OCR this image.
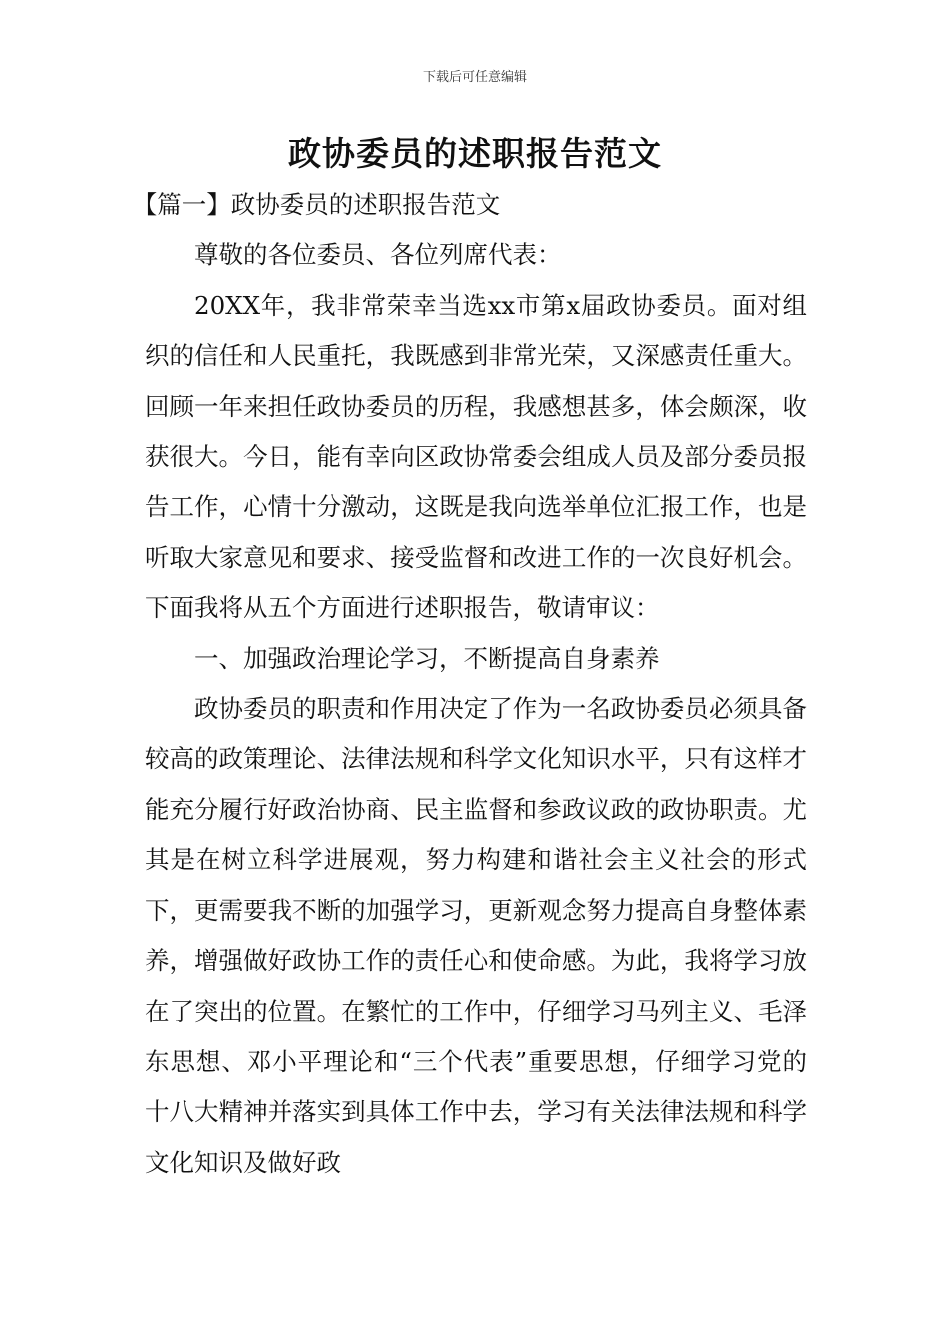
下载后可任意编辑
政协委员的述职报告范文

【篇一】政协委员的述职报告范文

尊敬的各位委员、各位列席代表：

20XX年，我非常荣幸当选xx市第x届政协委员。面对组织的信任和人民重托，我既感到非常光荣，又深感责任重大。回顾一年来担任政协委员的历程，我感想甚多，体会颇深，收获很大。今日，能有幸向区政协常委会组成人员及部分委员报告工作，心情十分激动，这既是我向选举单位汇报工作，也是听取大家意见和要求、接受监督和改进工作的一次良好机会。下面我将从五个方面进行述职报告，敬请审议：

一、加强政治理论学习，不断提高自身素养

政协委员的职责和作用决定了作为一名政协委员必须具备较高的政策理论、法律法规和科学文化知识水平，只有这样才能充分履行好政治协商、民主监督和参政议政的政协职责。尤其是在树立科学进展观，努力构建和谐社会主义社会的形式下，更需要我不断的加强学习，更新观念努力提高自身整体素养，增强做好政协工作的责任心和使命感。为此，我将学习放在了突出的位置。在繁忙的工作中，仔细学习马列主义、毛泽东思想、邓小平理论和“三个代表”重要思想，仔细学习党的十八大精神并落实到具体工作中去，学习有关法律法规和科学文化知识及做好政
